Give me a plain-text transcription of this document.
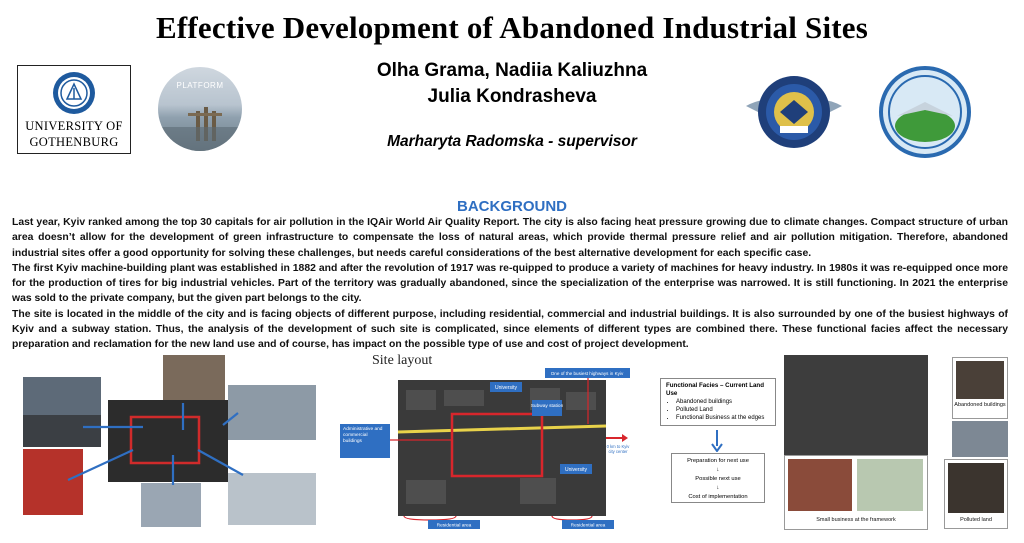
Effective Development of Abandoned Industrial Sites
UNIVERSITY OF
GOTHENBURG
PLATFORM
Olha Grama, Nadiia Kaliuzhna
Julia Kondrasheva
Marharyta Radomska - supervisor
BACKGROUND

Last year, Kyiv ranked among the top 30 capitals for air pollution in the IQAir World Air Quality Report. The city is also facing heat pressure growing due to climate changes. Compact structure of urban area doesn’t allow for the development of green infrastructure to compensate the loss of natural areas, which provide thermal pressure relief and air pollution mitigation. Therefore, abandoned industrial sites offer a good opportunity for solving these challenges, but needs careful considerations of the best alternative development for each specific case.

The first Kyiv machine-building plant was established in 1882 and after the revolution of 1917 was re-quipped to produce a variety of machines for heavy industry. In 1980s it was re-equipped once more for the production of tires for big industrial vehicles. Part of the territory was gradually abandoned, since the specialization of the enterprise was narrowed. It is still functioning. In 2021 the enterprise was sold to the private company, but the given part belongs to the city.

The site is located in the middle of the city and is facing objects of different purpose, including residential, commercial and industrial buildings. It is also surrounded by one of the busiest highways of Kyiv and a subway station. Thus, the analysis of the development of such site is complicated, since elements of different types are combined there. These functional facies affect the necessary preparation and reclamation for the new land use and of course, has impact on the possible type of use and cost of project development.

Site layout
One of the busiest highways in Kyiv
University
Subway station
Administrative and commercial buildings
0 km to Kyiv city center
University
Residential area	Residential area
Functional Facies – Current Land Use
• Abandoned buildings
• Polluted Land
• Functional Business at the edges
Preparation for next use
↓
Possible next use
↓
Cost of implementation
Small business at the framework
Abandoned buildings
Polluted land
